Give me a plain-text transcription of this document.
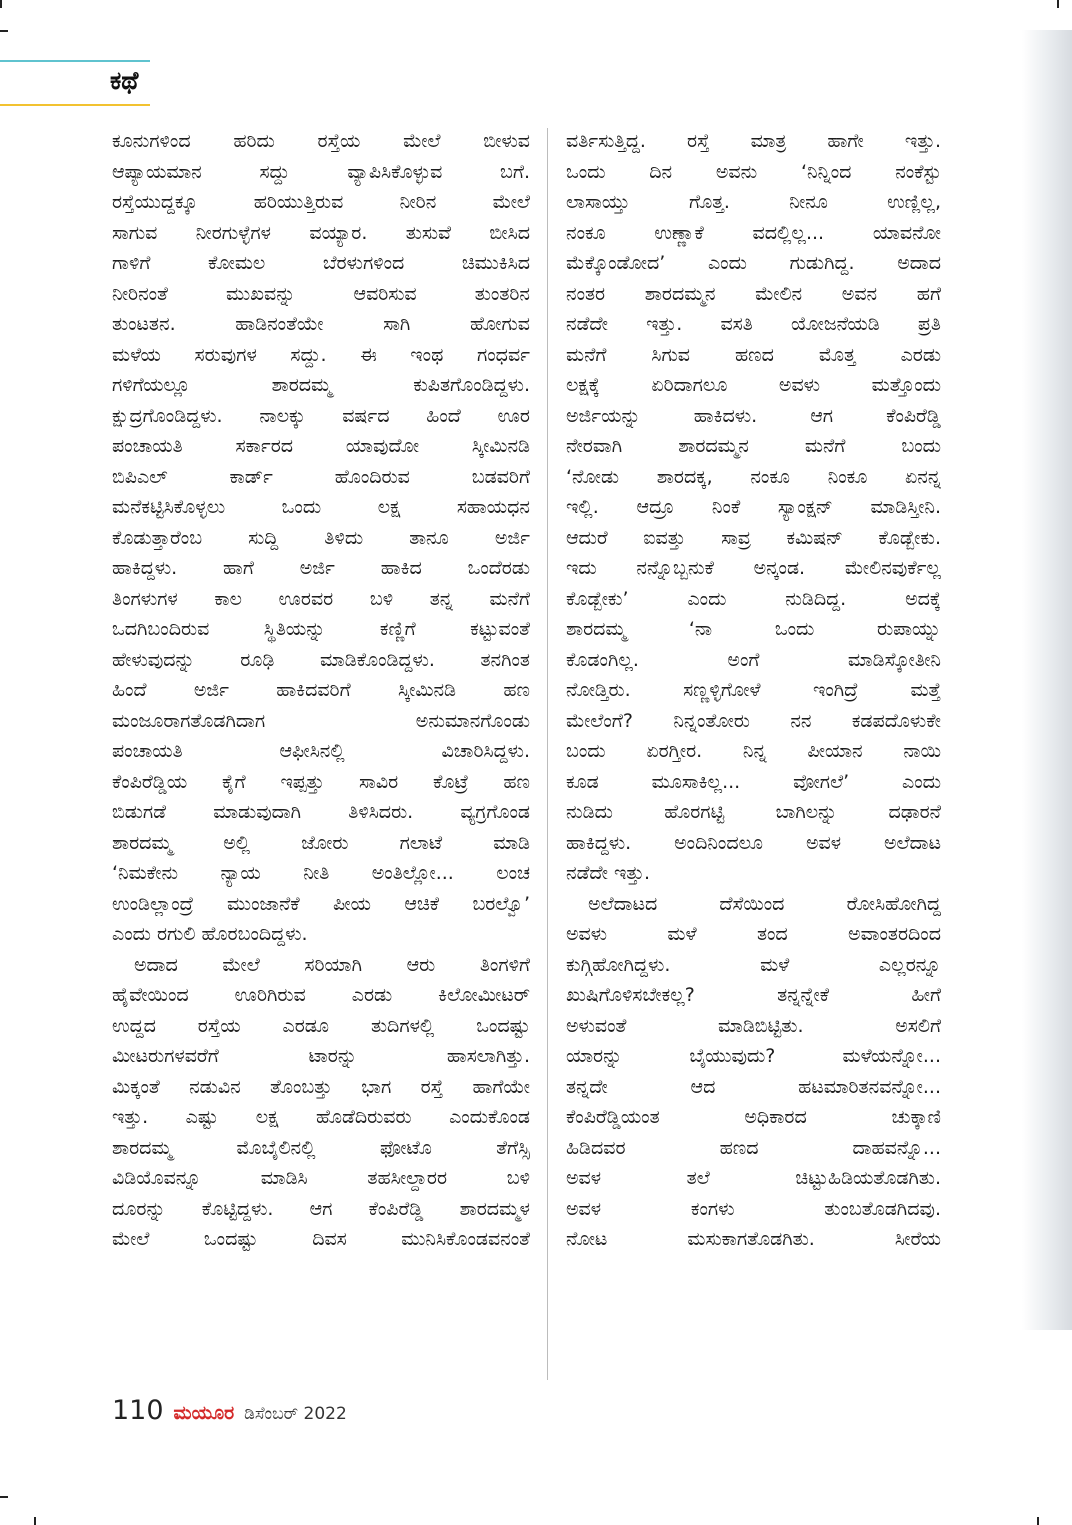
ಕಥೆ
ಕೂನುಗಳಿಂದ ಹರಿದು ರಸ್ತೆಯ ಮೇಲೆ ಬೀಳುವ
ಆಪ್ಯಾಯಮಾನ ಸದ್ದು ವ್ಯಾಪಿಸಿಕೊಳ್ಳುವ ಬಗೆ.
ರಸ್ತೆಯುದ್ದಕ್ಕೂ ಹರಿಯುತ್ತಿರುವ ನೀರಿನ ಮೇಲೆ
ಸಾಗುವ ನೀರಗುಳ್ಳೆಗಳ ವಯ್ಯಾರ. ತುಸುವೆ ಬೀಸಿದ
ಗಾಳಿಗೆ ಕೋಮಲ ಬೆರಳುಗಳಿಂದ ಚಿಮುಕಿಸಿದ
ನೀರಿನಂತೆ ಮುಖವನ್ನು ಆವರಿಸುವ ತುಂತರಿನ
ತುಂಟತನ. ಹಾಡಿನಂತೆಯೇ ಸಾಗಿ ಹೋಗುವ
ಮಳೆಯ ಸರುವುಗಳ ಸದ್ದು. ಈ ಇಂಥ ಗಂಧರ್ವ
ಗಳಿಗೆಯಲ್ಲೂ ಶಾರದಮ್ಮ ಕುಪಿತಗೊಂಡಿದ್ದಳು.
ಕ್ಷುದ್ರಗೊಂಡಿದ್ದಳು. ನಾಲಕ್ಕು ವರ್ಷದ ಹಿಂದೆ ಊರ
ಪಂಚಾಯತಿ ಸರ್ಕಾರದ ಯಾವುದೋ ಸ್ಕೀಮಿನಡಿ
ಬಿಪಿಎಲ್ ಕಾರ್ಡ್ ಹೊಂದಿರುವ ಬಡವರಿಗೆ
ಮನೆಕಟ್ಟಿಸಿಕೊಳ್ಳಲು ಒಂದು ಲಕ್ಷ ಸಹಾಯಧನ
ಕೊಡುತ್ತಾರೆಂಬ ಸುದ್ದಿ ತಿಳಿದು ತಾನೂ ಅರ್ಜಿ
ಹಾಕಿದ್ದಳು. ಹಾಗೆ ಅರ್ಜಿ ಹಾಕಿದ ಒಂದೆರಡು
ತಿಂಗಳುಗಳ ಕಾಲ ಊರವರ ಬಳಿ ತನ್ನ ಮನೆಗೆ
ಒದಗಿಬಂದಿರುವ ಸ್ಥಿತಿಯನ್ನು ಕಣ್ಣಿಗೆ ಕಟ್ಟುವಂತೆ
ಹೇಳುವುದನ್ನು ರೂಢಿ ಮಾಡಿಕೊಂಡಿದ್ದಳು. ತನಗಿಂತ
ಹಿಂದೆ ಅರ್ಜಿ ಹಾಕಿದವರಿಗೆ ಸ್ಕೀಮಿನಡಿ ಹಣ
ಮಂಜೂರಾಗತೊಡಗಿದಾಗ ಅನುಮಾನಗೊಂಡು
ಪಂಚಾಯತಿ ಆಫೀಸಿನಲ್ಲಿ ವಿಚಾರಿಸಿದ್ದಳು.
ಕೆಂಪಿರೆಡ್ಡಿಯ ಕೈಗೆ ಇಪ್ಪತ್ತು ಸಾವಿರ ಕೊಟ್ರೆ ಹಣ
ಬಿಡುಗಡೆ ಮಾಡುವುದಾಗಿ ತಿಳಿಸಿದರು. ವ್ಯಗ್ರಗೊಂಡ
ಶಾರದಮ್ಮ ಅಲ್ಲಿ ಜೋರು ಗಲಾಟೆ ಮಾಡಿ
‘ನಿಮಕೇನು ನ್ಯಾಯ ನೀತಿ ಅಂತಿಲ್ಲೋ... ಲಂಚ
ಉಂಡಿಲ್ಲಾಂದ್ರೆ ಮುಂಜಾನೆಕೆ ಪೀಯ ಆಚಿಕೆ ಬರಲ್ವೊ’
ಎಂದು ರಗುಲಿ ಹೊರಬಂದಿದ್ದಳು.
ಅದಾದ ಮೇಲೆ ಸರಿಯಾಗಿ ಆರು ತಿಂಗಳಿಗೆ
ಹೈವೇಯಿಂದ ಊರಿಗಿರುವ ಎರಡು ಕಿಲೋಮೀಟರ್
ಉದ್ದದ ರಸ್ತೆಯ ಎರಡೂ ತುದಿಗಳಲ್ಲಿ ಒಂದಷ್ಟು
ಮೀಟರುಗಳವರೆಗೆ ಟಾರನ್ನು ಹಾಸಲಾಗಿತ್ತು.
ಮಿಕ್ಕಂತೆ ನಡುವಿನ ತೊಂಬತ್ತು ಭಾಗ ರಸ್ತೆ ಹಾಗೆಯೇ
ಇತ್ತು. ಎಷ್ಟು ಲಕ್ಷ ಹೊಡೆದಿರುವರು ಎಂದುಕೊಂಡ
ಶಾರದಮ್ಮ ಮೊಬೈಲಿನಲ್ಲಿ ಫೋಟೊ ತೆಗೆಸ್ಸಿ
ವಿಡಿಯೊವನ್ನೂ ಮಾಡಿಸಿ ತಹಸೀಲ್ದಾರರ ಬಳಿ
ದೂರನ್ನು ಕೊಟ್ಟಿದ್ದಳು. ಆಗ ಕೆಂಪಿರೆಡ್ಡಿ ಶಾರದಮ್ಮಳ
ಮೇಲೆ ಒಂದಷ್ಟು ದಿವಸ ಮುನಿಸಿಕೊಂಡವನಂತೆ
ವರ್ತಿಸುತ್ತಿದ್ದ. ರಸ್ತೆ ಮಾತ್ರ ಹಾಗೇ ಇತ್ತು.
ಒಂದು ದಿನ ಅವನು ‘ನಿನ್ನಿಂದ ನಂಕೆಸ್ಟು
ಲಾಸಾಯ್ತು ಗೊತ್ತ. ನೀನೂ ಉಣ್ಲಿಲ್ಲ,
ನಂಕೂ ಉಣ್ಣಾಕೆ ವದಲ್ಲಿಲ್ಲ... ಯಾವನೋ
ಮೆಕ್ಕೊಂಡೋದ’ ಎಂದು ಗುಡುಗಿದ್ದ. ಅದಾದ
ನಂತರ ಶಾರದಮ್ಮನ ಮೇಲಿನ ಅವನ ಹಗೆ
ನಡೆದೇ ಇತ್ತು. ವಸತಿ ಯೋಜನೆಯಡಿ ಪ್ರತಿ
ಮನೆಗೆ ಸಿಗುವ ಹಣದ ಮೊತ್ತ ಎರಡು
ಲಕ್ಷಕ್ಕೆ ಏರಿದಾಗಲೂ ಅವಳು ಮತ್ತೊಂದು
ಅರ್ಜಿಯನ್ನು ಹಾಕಿದಳು. ಆಗ ಕೆಂಪಿರೆಡ್ಡಿ
ನೇರವಾಗಿ ಶಾರದಮ್ಮನ ಮನೆಗೆ ಬಂದು
‘ನೋಡು ಶಾರದಕ್ಕ, ನಂಕೂ ನಿಂಕೂ ಏನನ್ನ
ಇಲ್ಲಿ. ಆದ್ರೂ ನಿಂಕೆ ಸ್ಯಾಂಕ್ಷನ್ ಮಾಡಿಸ್ತೀನಿ.
ಆದುರೆ ಐವತ್ತು ಸಾವ್ರ ಕಮಿಷನ್ ಕೊಡ್ಬೇಕು.
ಇದು ನನ್ನೊಬ್ಬನುಕೆ ಅನ್ಕಂಡ. ಮೇಲಿನವುರ್ಕೆಲ್ಲ
ಕೊಡ್ಬೇಕು’ ಎಂದು ನುಡಿದಿದ್ದ. ಅದಕ್ಕೆ
ಶಾರದಮ್ಮ ‘ನಾ ಒಂದು ರುಪಾಯ್ನು
ಕೊಡಂಗಿಲ್ಲ. ಅಂಗೆ ಮಾಡಿಸ್ಕೋತೀನಿ
ನೋಡ್ತಿರು. ಸಣ್ಣಳ್ಳಿಗೋಳೆ ಇಂಗಿದ್ರೆ ಮತ್ತೆ
ಮೇಲೆಂಗೆ? ನಿನ್ನಂತೋರು ನನ ಕಡಪದೊಳುಕೇ
ಬಂದು ಏರಗ್ತೀರ. ನಿನ್ನ ಪೀಯಾನ ನಾಯಿ
ಕೂಡ ಮೂಸಾಕಿಲ್ಲ... ವೋಗಲೆ’ ಎಂದು
ನುಡಿದು ಹೊರಗಟ್ಟಿ ಬಾಗಿಲನ್ನು ದಢಾರನೆ
ಹಾಕಿದ್ದಳು. ಅಂದಿನಿಂದಲೂ ಅವಳ ಅಲೆದಾಟ
ನಡೆದೇ ಇತ್ತು.
ಅಲೆದಾಟದ ದೆಸೆಯಿಂದ ರೋಸಿಹೋಗಿದ್ದ
ಅವಳು ಮಳೆ ತಂದ ಅವಾಂತರದಿಂದ
ಕುಗ್ಗಿಹೋಗಿದ್ದಳು. ಮಳೆ ಎಲ್ಲರನ್ನೂ
ಖುಷಿಗೊಳಿಸಬೇಕಲ್ಲ? ತನ್ನನ್ನೇಕೆ ಹೀಗೆ
ಅಳುವಂತೆ ಮಾಡಿಬಿಟ್ಟಿತು. ಅಸಲಿಗೆ
ಯಾರನ್ನು ಬೈಯುವುದು? ಮಳೆಯನ್ನೋ...
ತನ್ನದೇ ಆದ ಹಟಮಾರಿತನವನ್ನೋ...
ಕೆಂಪಿರೆಡ್ಡಿಯಂತ ಅಧಿಕಾರದ ಚುಕ್ಕಾಣಿ
ಹಿಡಿದವರ ಹಣದ ದಾಹವನ್ನೊ...
ಅವಳ ತಲೆ ಚಿಟ್ಟುಹಿಡಿಯತೊಡಗಿತು.
ಅವಳ ಕಂಗಳು ತುಂಬತೊಡಗಿದವು.
ನೋಟ ಮಸುಕಾಗತೊಡಗಿತು. ಸೀರೆಯ
110 ಮಯೂರ ಡಿಸೆಂಬರ್ 2022
